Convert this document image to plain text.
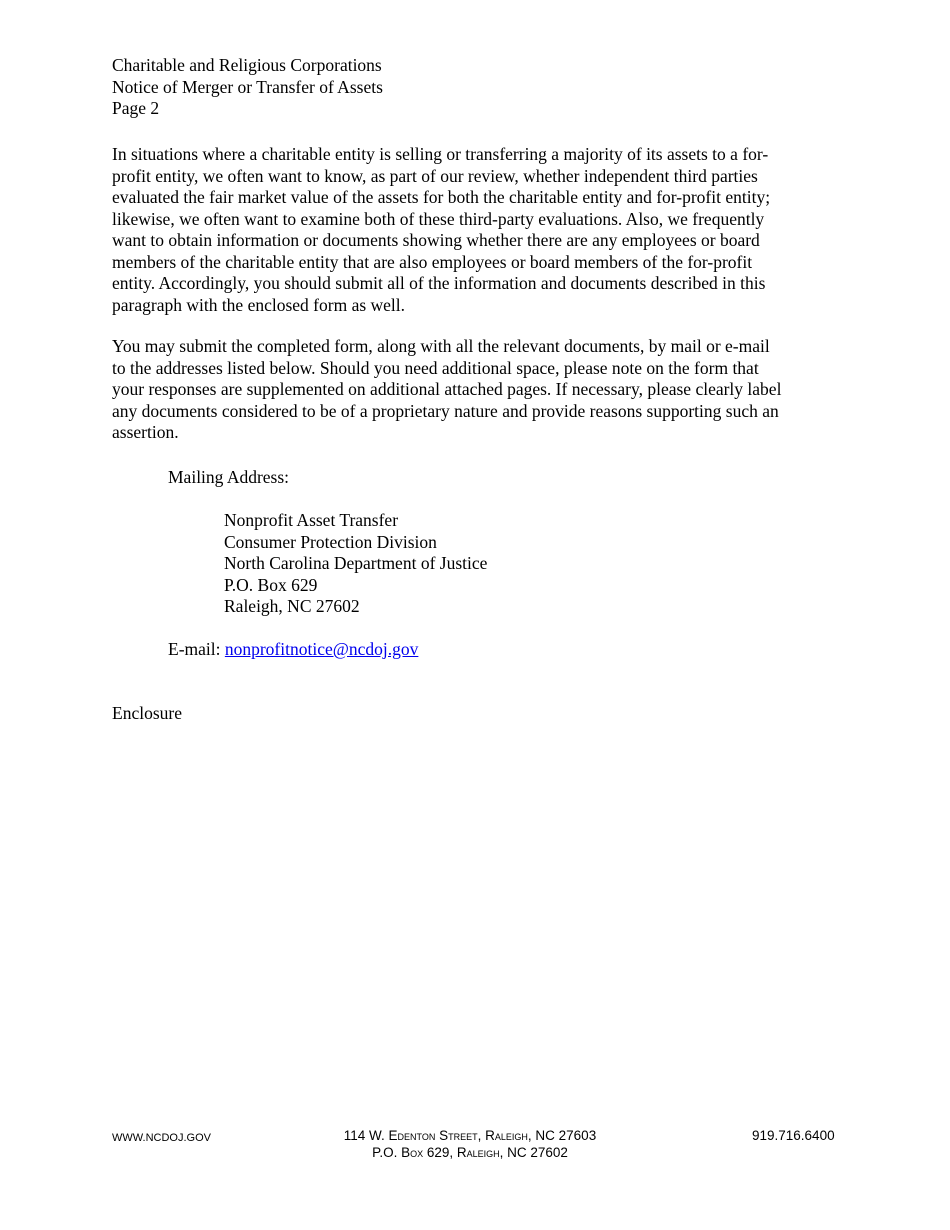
Charitable and Religious Corporations
Notice of Merger or Transfer of Assets
Page 2

In situations where a charitable entity is selling or transferring a majority of its assets to a for-
profit entity, we often want to know, as part of our review, whether independent third parties
evaluated the fair market value of the assets for both the charitable entity and for-profit entity;
likewise, we often want to examine both of these third-party evaluations. Also, we frequently
want to obtain information or documents showing whether there are any employees or board
members of the charitable entity that are also employees or board members of the for-profit
entity. Accordingly, you should submit all of the information and documents described in this
paragraph with the enclosed form as well.

You may submit the completed form, along with all the relevant documents, by mail or e-mail
to the addresses listed below. Should you need additional space, please note on the form that
your responses are supplemented on additional attached pages. If necessary, please clearly label
any documents considered to be of a proprietary nature and provide reasons supporting such an
assertion.

Mailing Address:
Nonprofit Asset Transfer
Consumer Protection Division
North Carolina Department of Justice
P.O. Box 629
Raleigh, NC 27602
E-mail: nonprofitnotice@ncdoj.gov
Enclosure
WWW.NCDOJ.GOV	114 W. Edenton Street, Raleigh, NC 27603
P.O. Box 629, Raleigh, NC 27602
919.716.6400
